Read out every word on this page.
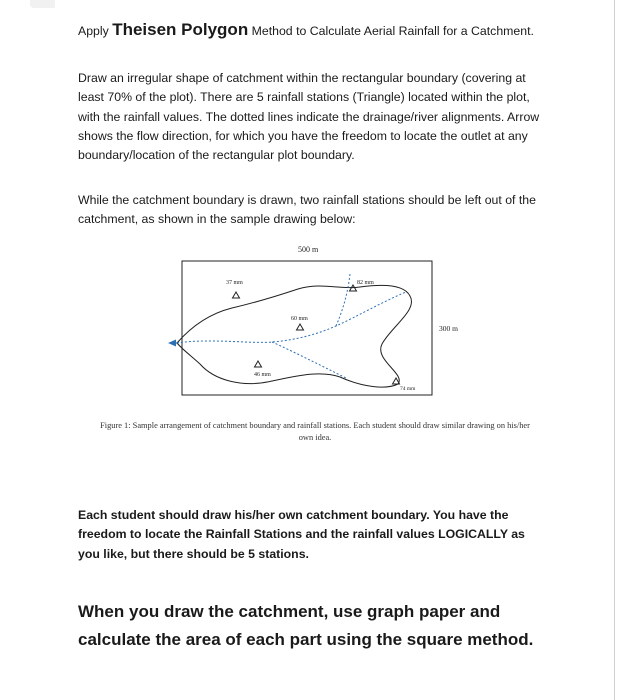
Apply Theisen Polygon Method to Calculate Aerial Rainfall for a Catchment.
Draw an irregular shape of catchment within the rectangular boundary (covering at least 70% of the plot). There are 5 rainfall stations (Triangle) located within the plot, with the rainfall values. The dotted lines indicate the drainage/river alignments. Arrow shows the flow direction, for which you have the freedom to locate the outlet at any boundary/location of the rectangular plot boundary.
While the catchment boundary is drawn, two rainfall stations should be left out of the catchment, as shown in the sample drawing below:
500 m
300 m
37 mm	82 mm
60 mm
46 mm
74 mm
Figure 1: Sample arrangement of catchment boundary and rainfall stations. Each student should draw similar drawing on his/her own idea.
Each student should draw his/her own catchment boundary. You have the freedom to locate the Rainfall Stations and the rainfall values LOGICALLY as you like, but there should be 5 stations.
When you draw the catchment, use graph paper and calculate the area of each part using the square method.
